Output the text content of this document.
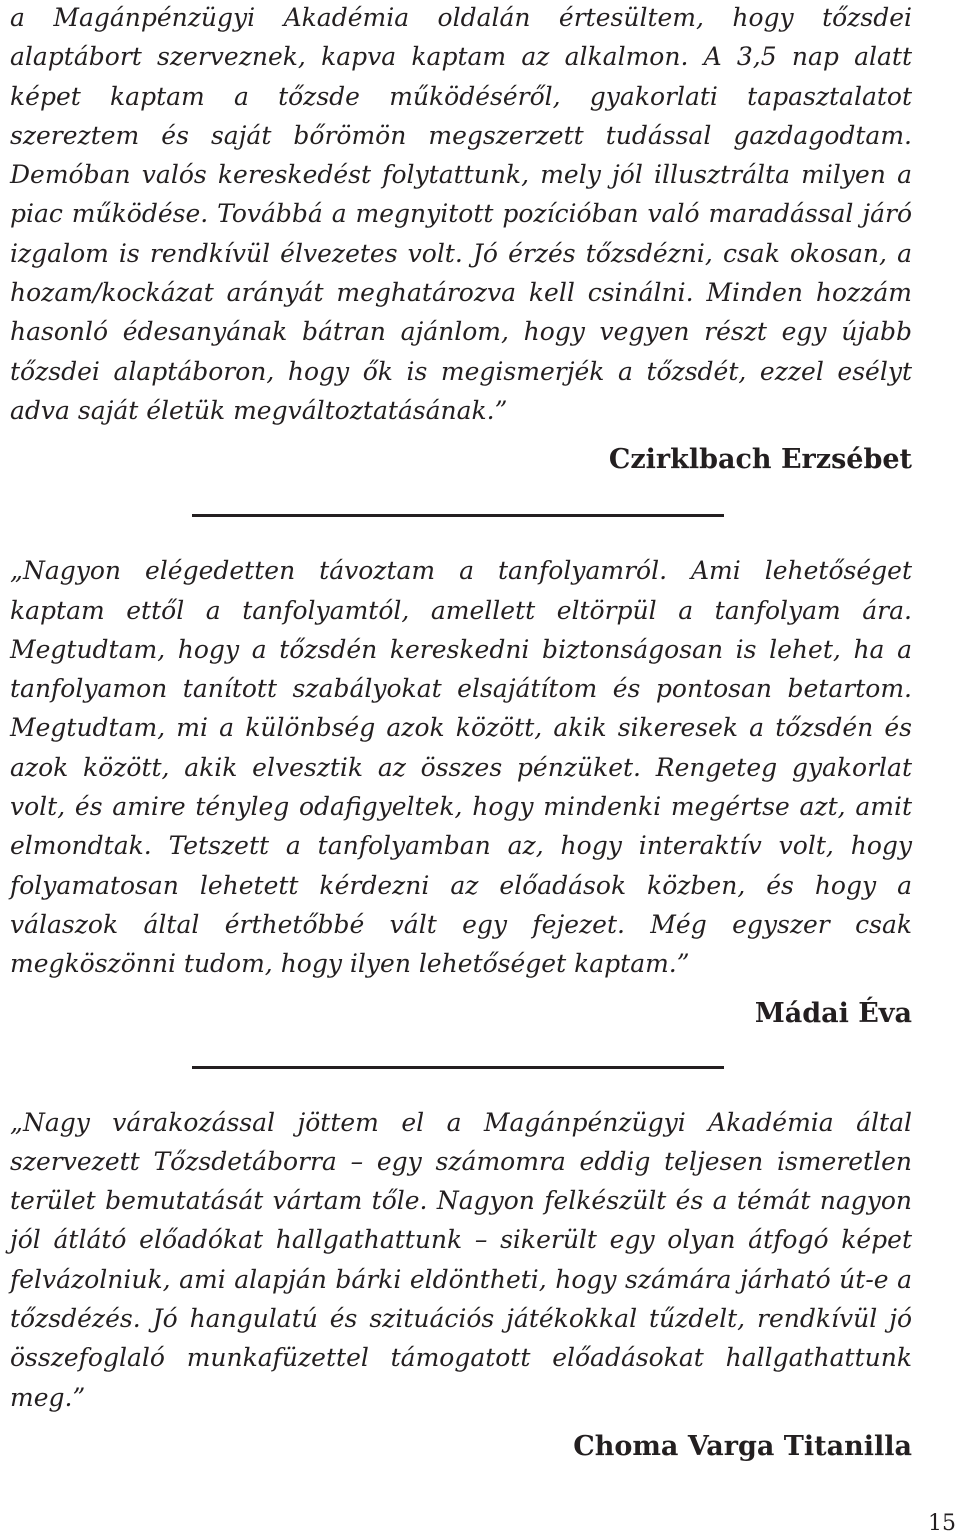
a Magánpénzügyi Akadémia oldalán értesültem, hogy tőzsdei alaptábort szerveznek, kapva kaptam az alkalmon. A 3,5 nap alatt képet kaptam a tőzsde működéséről, gyakorlati tapasztalatot szereztem és saját bőrömön megszerzett tudással gazdagodtam. Demóban valós kereskedést folytattunk, mely jól illusztrálta milyen a piac működése. Továbbá a megnyitott pozícióban való maradással járó izgalom is rendkívül élvezetes volt. Jó érzés tőzsdézni, csak okosan, a hozam/kockázat arányát meghatározva kell csinálni. Minden hozzám hasonló édesanyának bátran ajánlom, hogy vegyen részt egy újabb tőzsdei alaptáboron, hogy ők is megismerjék a tőzsdét, ezzel esélyt adva saját életük megváltoztatásának.”

Czirklbach Erzsébet

„Nagyon elégedetten távoztam a tanfolyamról. Ami lehetőséget kaptam ettől a tanfolyamtól, amellett eltörpül a tanfolyam ára. Megtudtam, hogy a tőzsdén kereskedni biztonságosan is lehet, ha a tanfolyamon tanított szabályokat elsajátítom és pontosan betartom. Megtudtam, mi a különbség azok között, akik sikeresek a tőzsdén és azok között, akik elvesztik az összes pénzüket. Rengeteg gyakorlat volt, és amire tényleg odafigyeltek, hogy mindenki megértse azt, amit elmondtak. Tetszett a tanfolyamban az, hogy interaktív volt, hogy folyamatosan lehetett kérdezni az előadások közben, és hogy a válaszok által érthetőbbé vált egy fejezet. Még egyszer csak megköszönni tudom, hogy ilyen lehetőséget kaptam.”

Mádai Éva

„Nagy várakozással jöttem el a Magánpénzügyi Akadémia által szervezett Tőzsdetáborra – egy számomra eddig teljesen ismeretlen terület bemutatását vártam tőle. Nagyon felkészült és a témát nagyon jól átlátó előadókat hallgathattunk – sikerült egy olyan átfogó képet felvázolniuk, ami alapján bárki eldöntheti, hogy számára járható út-e a tőzsdézés. Jó hangulatú és szituációs játékokkal tűzdelt, rendkívül jó összefoglaló munkafüzettel támogatott előadásokat hallgathattunk meg.”

Choma Varga Titanilla

15
